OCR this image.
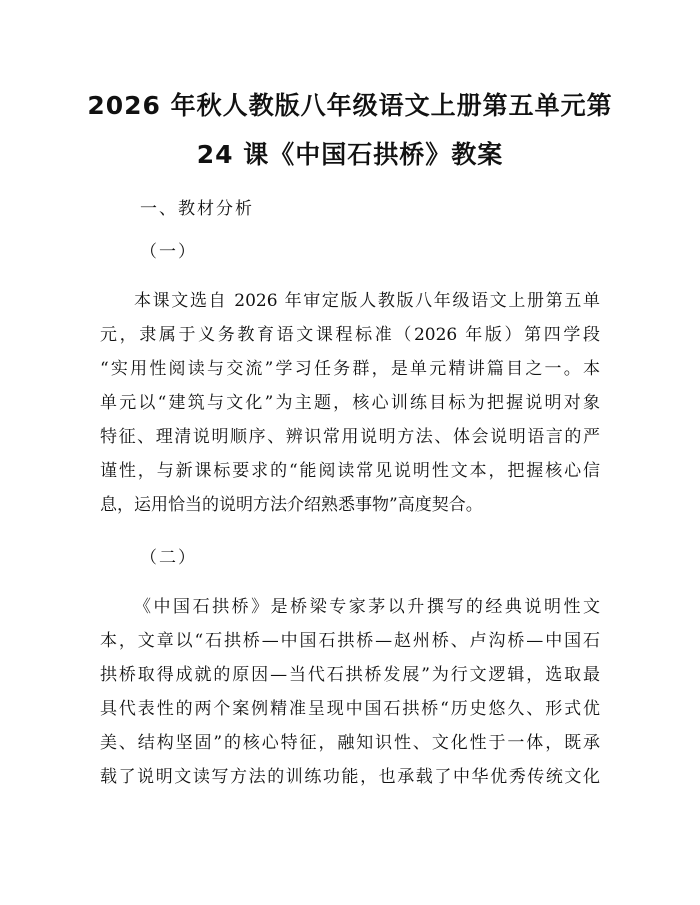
2026 年秋人教版八年级语文上册第五单元第
24 课《中国石拱桥》教案

一、教材分析

（一）

本课文选自 2026 年审定版人教版八年级语文上册第五单
元，隶属于义务教育语文课程标准（2026 年版）第四学段
“实用性阅读与交流”学习任务群，是单元精讲篇目之一。本
单元以“建筑与文化”为主题，核心训练目标为把握说明对象
特征、理清说明顺序、辨识常用说明方法、体会说明语言的严
谨性，与新课标要求的“能阅读常见说明性文本，把握核心信
息，运用恰当的说明方法介绍熟悉事物”高度契合。

（二）

《中国石拱桥》是桥梁专家茅以升撰写的经典说明性文
本，文章以“石拱桥—中国石拱桥—赵州桥、卢沟桥—中国石
拱桥取得成就的原因—当代石拱桥发展”为行文逻辑，选取最
具代表性的两个案例精准呈现中国石拱桥“历史悠久、形式优
美、结构坚固”的核心特征，融知识性、文化性于一体，既承
载了说明文读写方法的训练功能，也承载了中华优秀传统文化
